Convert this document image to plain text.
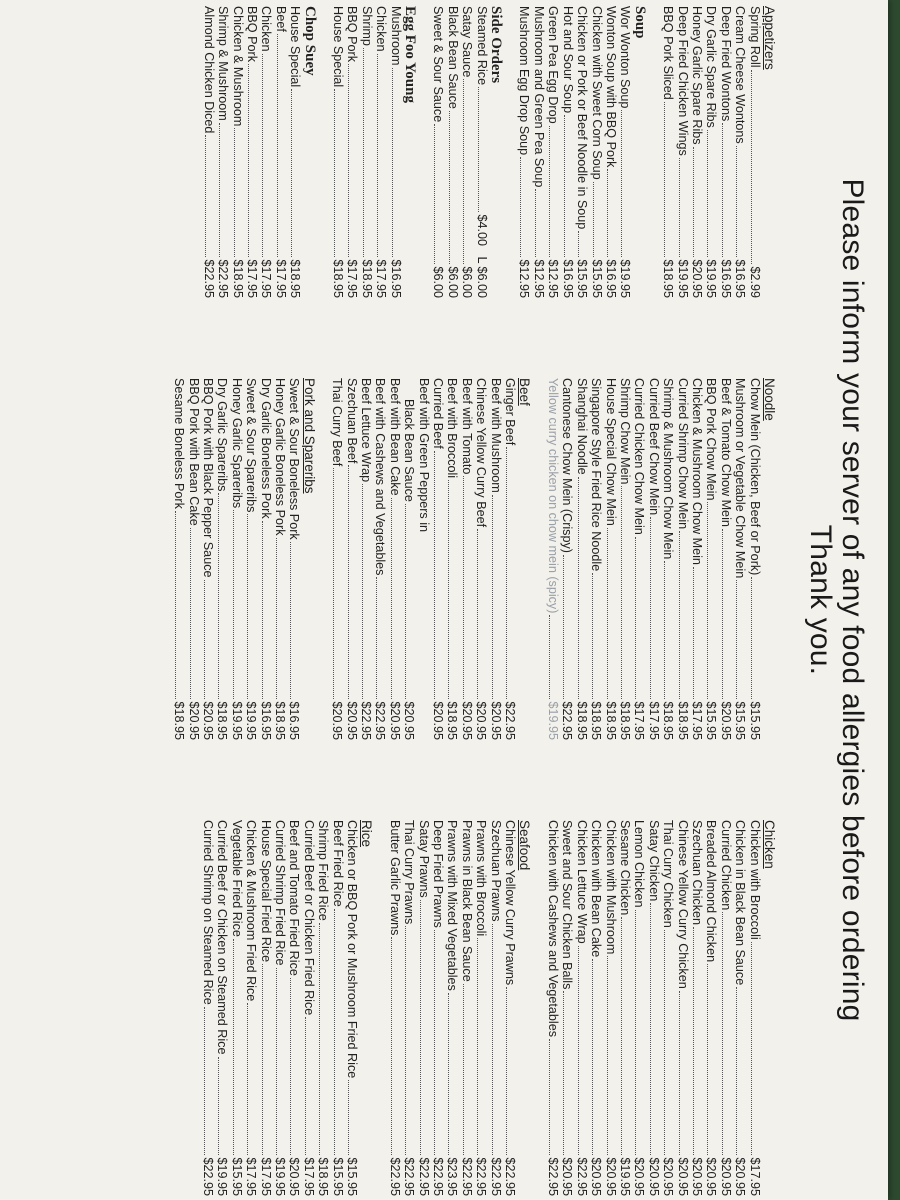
Please inform your server of any food allergies before ordering
Thank you.
Appetizers
Spring Roll
$2.99
Cream Cheese Wontons
$16.95
Deep Fried Wontons
$16.95
Dry Garlic Spare Ribs
$19.95
Honey Garlic Spare Ribs
$20.95
Deep Fried Chicken Wings
$19.95
BBQ Pork Sliced
$18.95
Soup
Wor Wonton Soup
$19.95
Wonton Soup with BBQ Pork
$16.95
Chicken with Sweet Corn Soup
$15.95
Chicken or Pork or Beef Noodle in Soup
$15.95
Hot and Sour Soup
$16.95
Green Pea Egg Drop
$12.95
Mushroom and Green Pea Soup
$12.95
Mushroom Egg Drop Soup
$12.95
Side Orders
Steamed Rice
$4.00   L $6.00
Satay Sauce
$6.00
Black Bean Sauce
$6.00
Sweet & Sour Sauce
$6.00
Egg Foo Young
Mushroom
$16.95
Chicken
$17.95
Shrimp
$18.95
BBQ Pork
$17.95
House Special
$18.95
Chop Suey
House Special
$18.95
Beef
$17.95
Chicken
$17.95
BBQ Pork
$17.95
Chicken & Mushroom
$18.95
Shrimp & Mushroom
$22.95
Almond Chicken Diced
$22.95
Noodle
Chow Mein (Chicken, Beef or Pork)
$15.95
Mushroom or Vegetable Chow Mein
$15.95
Beef & Tomato Chow Mein
$20.95
BBQ Pork Chow Mein
$15.95
Chicken & Mushroom Chow Mein
$17.95
Curried Shrimp Chow Mein
$18.95
Shrimp & Mushroom Chow Mein
$18.95
Curried Beef Chow Mein
$17.95
Curried Chicken Chow Mein
$17.95
Shrimp Chow Mein
$18.95
House Special Chow Mein
$18.95
Singapore Style Fried Rice Noodle
$18.95
Shanghai Noodle
$18.95
Cantonese Chow Mein (Crispy)
$22.95
Yellow curry chicken on chow mein (spicy)
$19.95
Beef
Ginger Beef
$22.95
Beef with Mushroom
$20.95
Chinese Yellow Curry Beef
$20.95
Beef with Tomato
$20.95
Beef with Broccoli
$18.95
Curried Beef
$20.95
Beef with Green Peppers in
Black Bean Sauce
$20.95
Beef with Bean Cake
$20.95
Beef with Cashews and Vegetables
$22.95
Beef Lettuce Wrap
$22.95
Szechuan Beef
$20.95
Thai Curry Beef
$20.95
Pork and Spareribs
Sweet & Sour Boneless Pork
$16.95
Honey Garlic Boneless Pork
$18.95
Dry Garlic Boneless Pork
$16.95
Sweet & Sour Spareribs
$19.95
Honey Garlic Spareribs
$19.95
Dry Garlic Spareribs
$18.95
BBQ Pork with Black Pepper Sauce
$20.95
BBQ Pork with Bean Cake
$20.95
Sesame Boneless Pork
$18.95
Chicken
Chicken with Broccoli
$17.95
Chicken in Black Bean Sauce
$20.95
Curried Chicken
$20.95
Breaded Almond Chicken
$20.95
Szechuan Chicken
$20.95
Chinese Yellow Curry Chicken
$20.95
Thai Curry Chicken
$20.95
Satay Chicken
$20.95
Lemon Chicken
$20.95
Sesame Chicken
$19.95
Chicken with Mushroom
$20.95
Chicken with Bean Cake
$20.95
Chicken Lettuce Wrap
$22.95
Sweet and Sour Chicken Balls
$20.95
Chicken with Cashews and Vegetables
$22.95
Seafood
Chinese Yellow Curry Prawns
$22.95
Szechuan Prawns
$22.95
Prawns with Broccoli
$22.95
Prawns in Black Bean Sauce
$22.95
Prawns with Mixed Vegetables
$23.95
Deep Fried Prawns
$22.95
Satay Prawns
$22.95
Thai Curry Prawns
$22.95
Butter Garlic Prawns
$22.95
Rice
Chicken or BBQ Pork or Mushroom Fried Rice
$15.95
Beef Fried Rice
$15.95
Shrimp Fried Rice
$18.95
Curried Beef or Chicken Fried Rice
$17.95
Beef and Tomato Fried Rice
$20.95
Curried Shrimp Fried Rice
$19.95
House Special Fried Rice
$17.95
Chicken & Mushroom Fried Rice
$17.95
Vegetable Fried Rice
$15.95
Curried Beef or Chicken on Steamed Rice
$19.95
Curried Shrimp on Steamed Rice
$22.95
